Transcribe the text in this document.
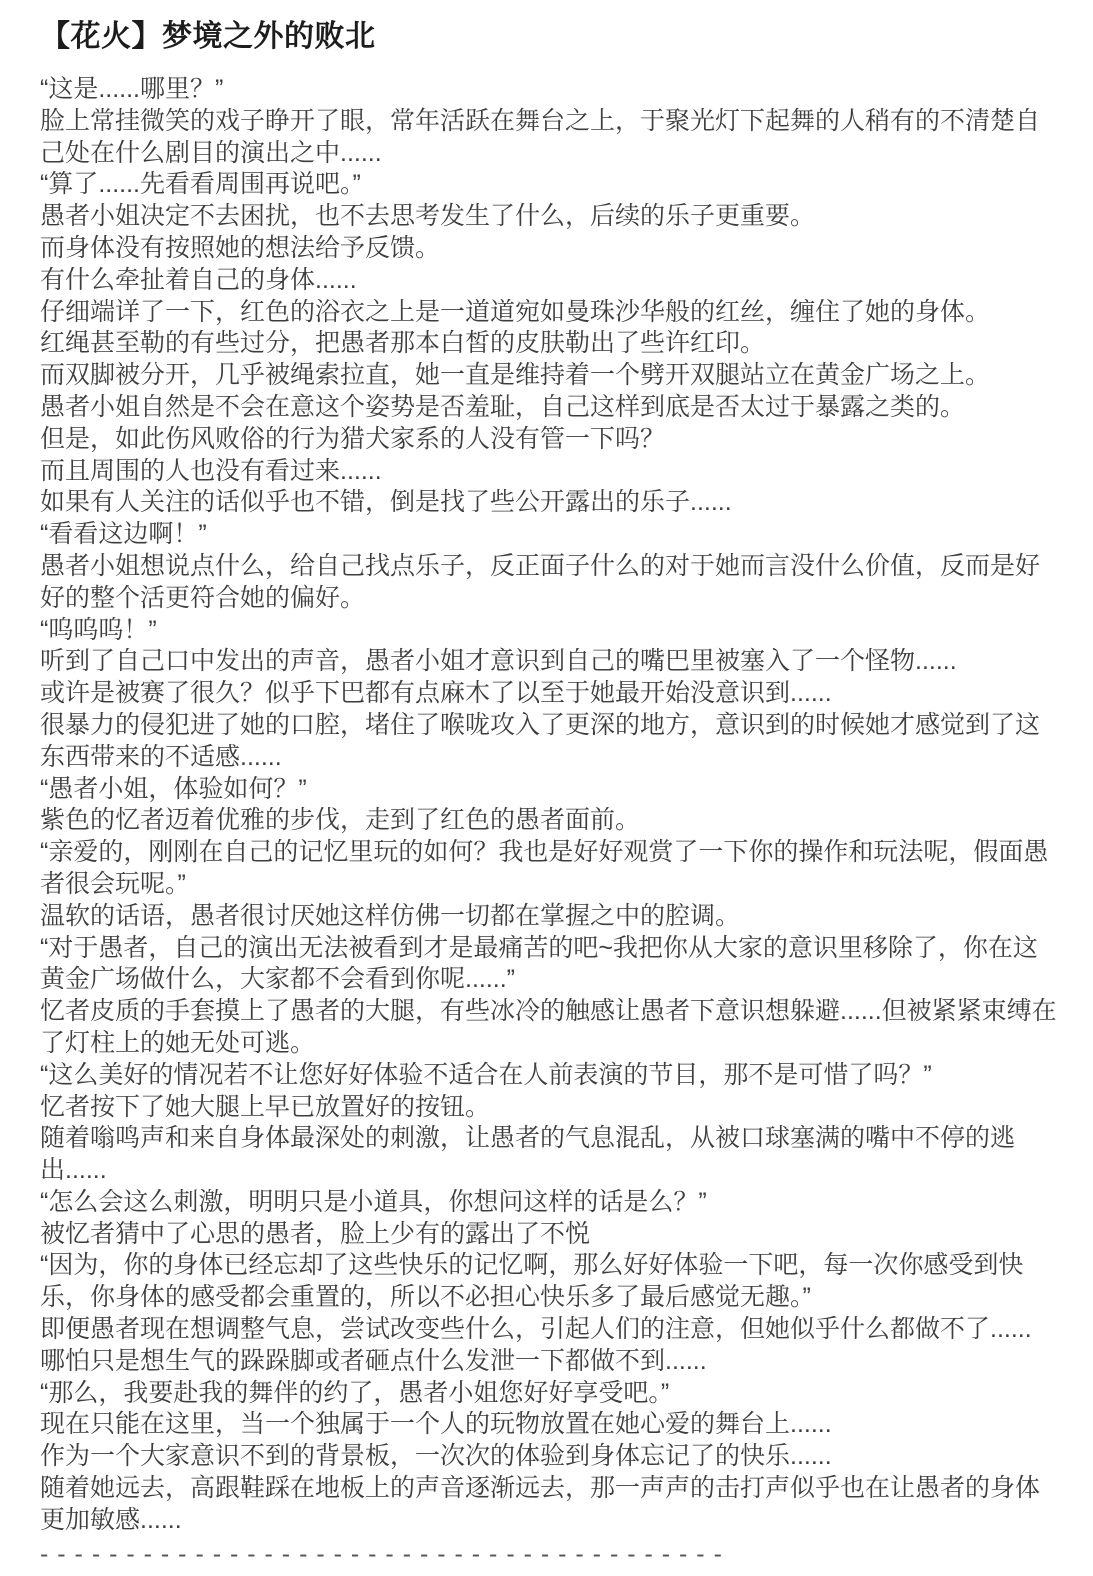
【花火】梦境之外的败北

“这是......哪里？”

脸上常挂微笑的戏子睁开了眼，常年活跃在舞台之上，于聚光灯下起舞的人稍有的不清楚自己处在什么剧目的演出之中......

“算了......先看看周围再说吧。”

愚者小姐决定不去困扰，也不去思考发生了什么，后续的乐子更重要。

而身体没有按照她的想法给予反馈。

有什么牵扯着自己的身体......

仔细端详了一下，红色的浴衣之上是一道道宛如曼珠沙华般的红丝，缠住了她的身体。

红绳甚至勒的有些过分，把愚者那本白皙的皮肤勒出了些许红印。

而双脚被分开，几乎被绳索拉直，她一直是维持着一个劈开双腿站立在黄金广场之上。

愚者小姐自然是不会在意这个姿势是否羞耻，自己这样到底是否太过于暴露之类的。

但是，如此伤风败俗的行为猎犬家系的人没有管一下吗？

而且周围的人也没有看过来......

如果有人关注的话似乎也不错，倒是找了些公开露出的乐子......

“看看这边啊！”

愚者小姐想说点什么，给自己找点乐子，反正面子什么的对于她而言没什么价值，反而是好好的整个活更符合她的偏好。

“呜呜呜！”

听到了自己口中发出的声音，愚者小姐才意识到自己的嘴巴里被塞入了一个怪物......

或许是被赛了很久？似乎下巴都有点麻木了以至于她最开始没意识到......

很暴力的侵犯进了她的口腔，堵住了喉咙攻入了更深的地方，意识到的时候她才感觉到了这东西带来的不适感......

“愚者小姐，体验如何？”

紫色的忆者迈着优雅的步伐，走到了红色的愚者面前。

“亲爱的，刚刚在自己的记忆里玩的如何？我也是好好观赏了一下你的操作和玩法呢，假面愚者很会玩呢。”

温软的话语，愚者很讨厌她这样仿佛一切都在掌握之中的腔调。

“对于愚者，自己的演出无法被看到才是最痛苦的吧~我把你从大家的意识里移除了，你在这黄金广场做什么，大家都不会看到你呢......”

忆者皮质的手套摸上了愚者的大腿，有些冰冷的触感让愚者下意识想躲避......但被紧紧束缚在了灯柱上的她无处可逃。

“这么美好的情况若不让您好好体验不适合在人前表演的节目，那不是可惜了吗？”

忆者按下了她大腿上早已放置好的按钮。

随着嗡鸣声和来自身体最深处的刺激，让愚者的气息混乱，从被口球塞满的嘴中不停的逃出......

“怎么会这么刺激，明明只是小道具，你想问这样的话是么？”

被忆者猜中了心思的愚者，脸上少有的露出了不悦

“因为，你的身体已经忘却了这些快乐的记忆啊，那么好好体验一下吧，每一次你感受到快乐，你身体的感受都会重置的，所以不必担心快乐多了最后感觉无趣。”

即便愚者现在想调整气息，尝试改变些什么，引起人们的注意，但她似乎什么都做不了......

哪怕只是想生气的跺跺脚或者砸点什么发泄一下都做不到......

“那么，我要赴我的舞伴的约了，愚者小姐您好好享受吧。”

现在只能在这里，当一个独属于一个人的玩物放置在她心爱的舞台上......

作为一个大家意识不到的背景板，一次次的体验到身体忘记了的快乐......

随着她远去，高跟鞋踩在地板上的声音逐渐远去，那一声声的击打声似乎也在让愚者的身体更加敏感......

- - - - - - - - - - - - - - - - - - - - - - - - - - - - - - - - - - - - - - - -
